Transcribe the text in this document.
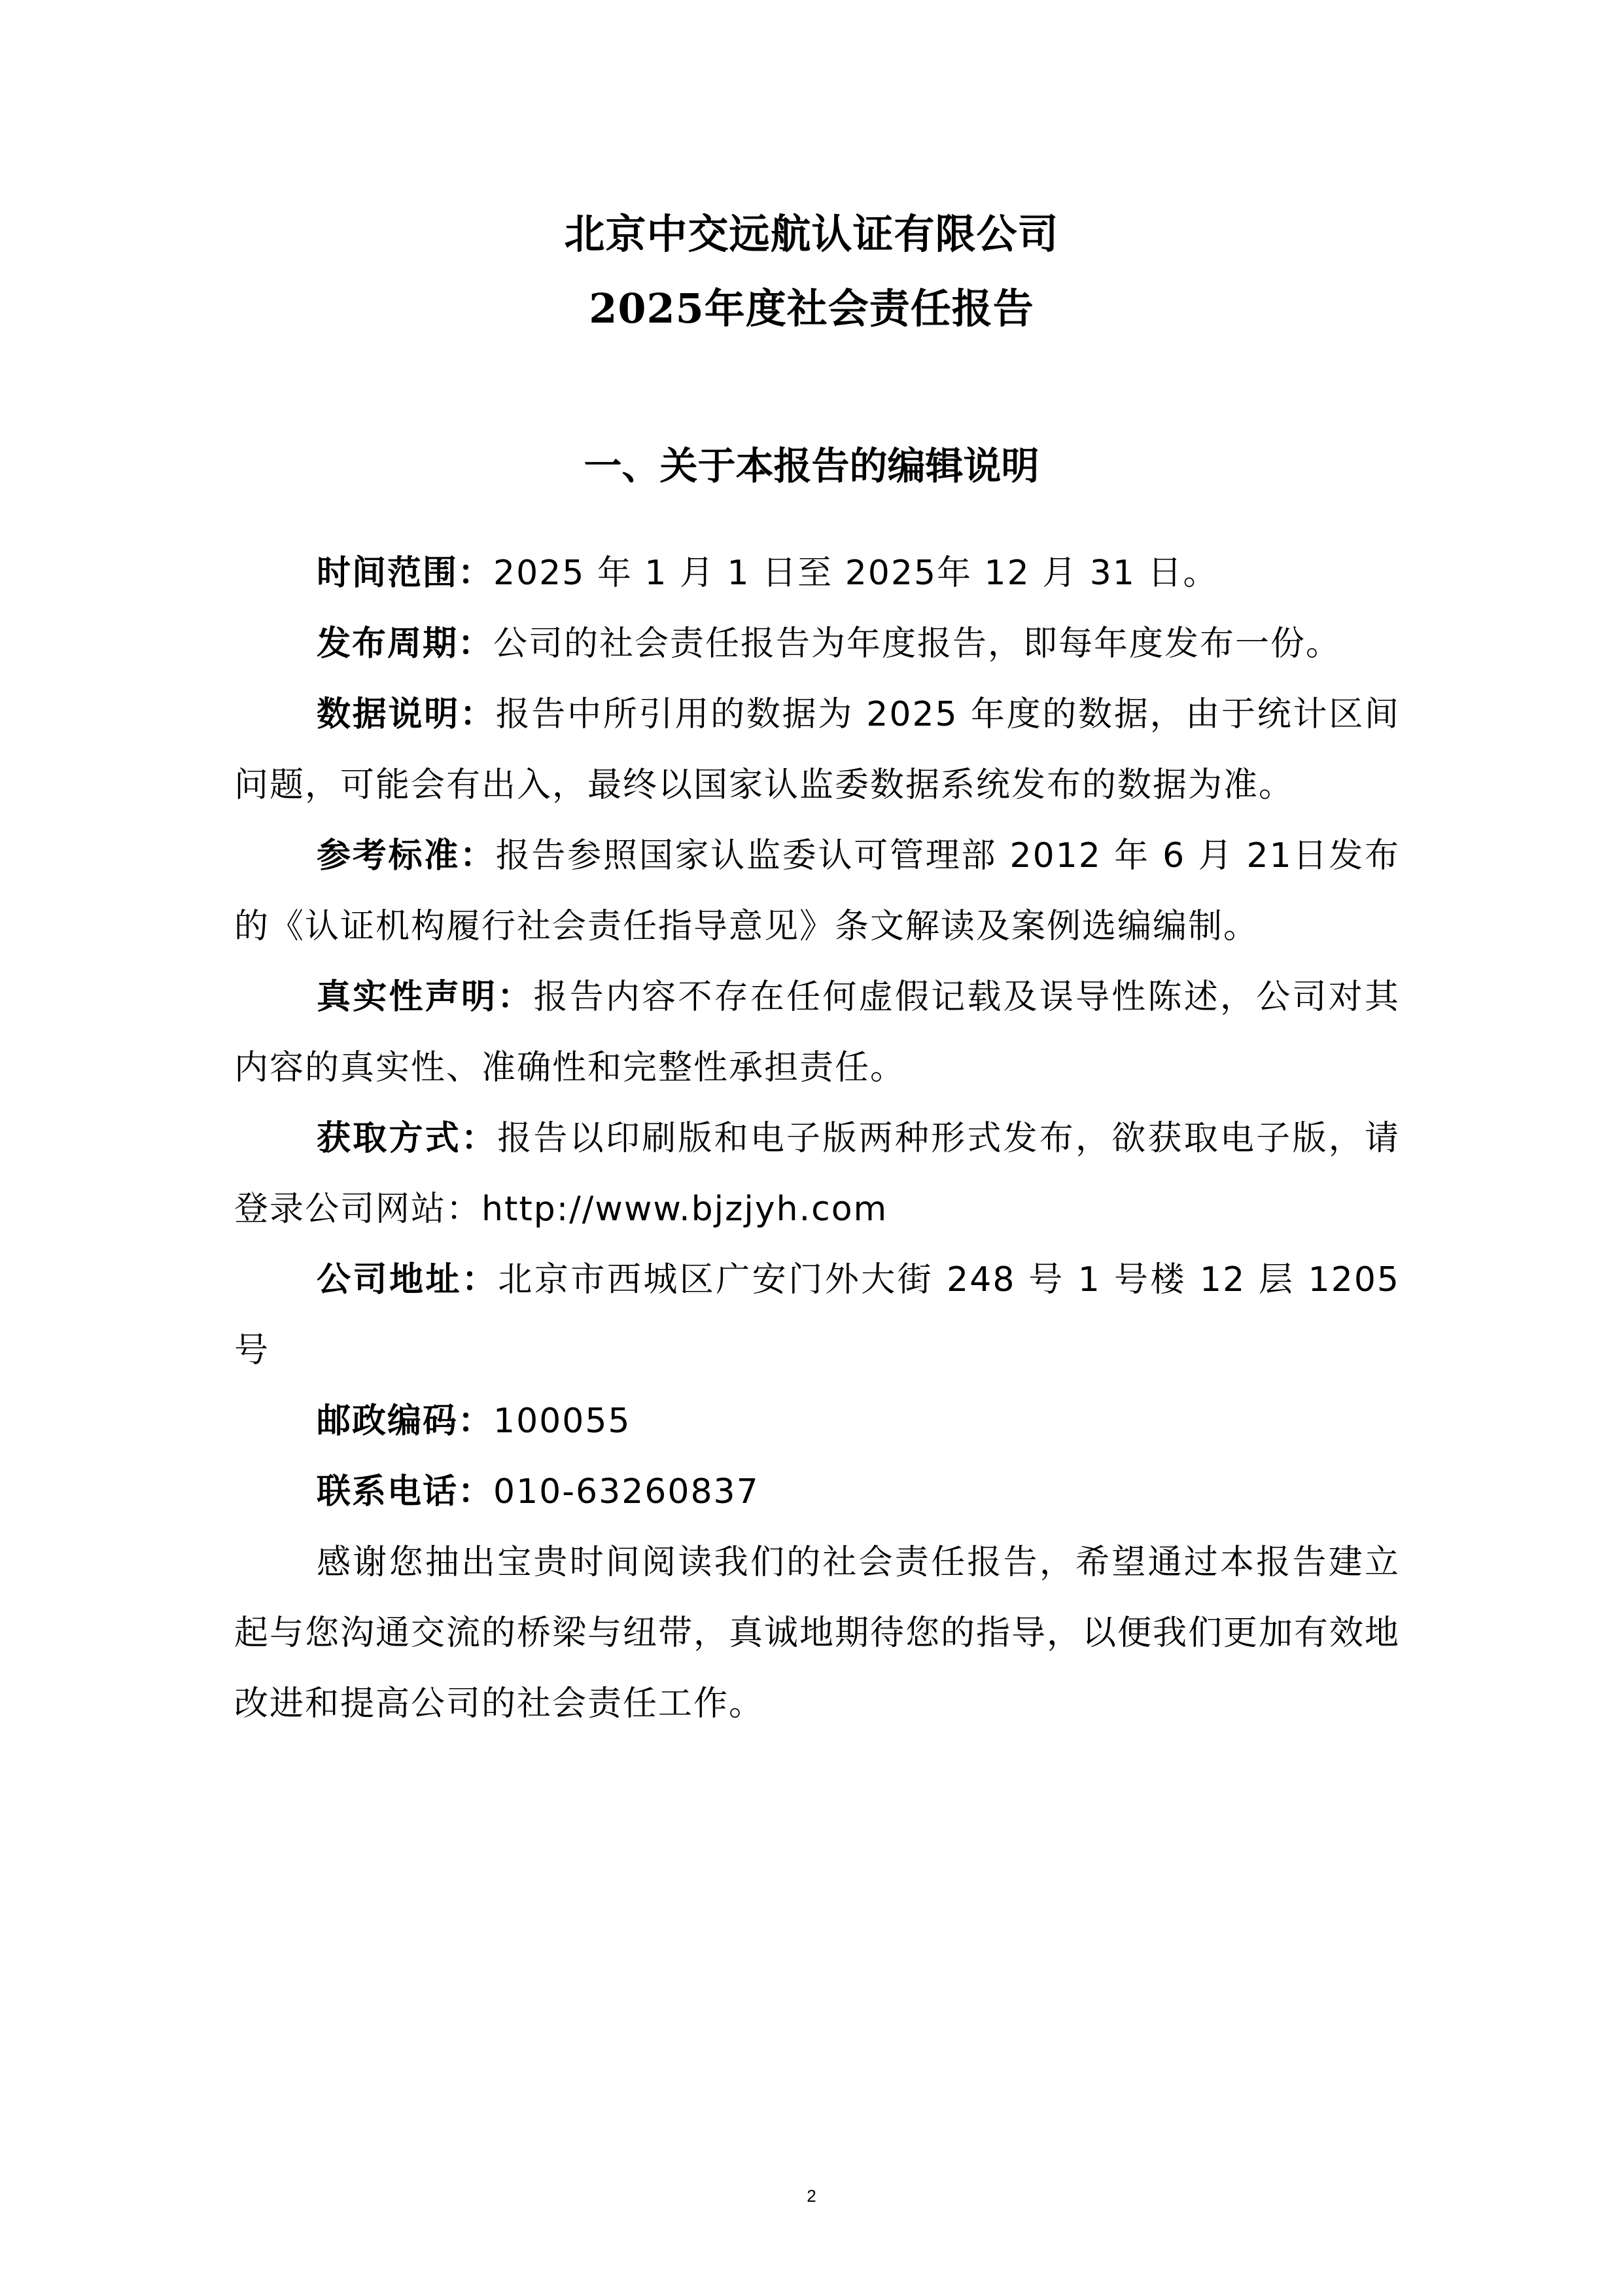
北京中交远航认证有限公司
2025年度社会责任报告
一、关于本报告的编辑说明

时间范围：2025 年 1 月 1 日至 2025年 12 月 31 日。

发布周期：公司的社会责任报告为年度报告，即每年度发布一份。

数据说明：报告中所引用的数据为 2025 年度的数据，由于统计区间问题，可能会有出入，最终以国家认监委数据系统发布的数据为准。

参考标准：报告参照国家认监委认可管理部 2012 年 6 月 21日发布的《认证机构履行社会责任指导意见》条文解读及案例选编编制。

真实性声明：报告内容不存在任何虚假记载及误导性陈述，公司对其内容的真实性、准确性和完整性承担责任。

获取方式：报告以印刷版和电子版两种形式发布，欲获取电子版，请登录公司网站：http://www.bjzjyh.com

公司地址：北京市西城区广安门外大街 248 号 1 号楼 12 层 1205 号

邮政编码：100055

联系电话：010-63260837

感谢您抽出宝贵时间阅读我们的社会责任报告，希望通过本报告建立起与您沟通交流的桥梁与纽带，真诚地期待您的指导，以便我们更加有效地改进和提高公司的社会责任工作。

2
